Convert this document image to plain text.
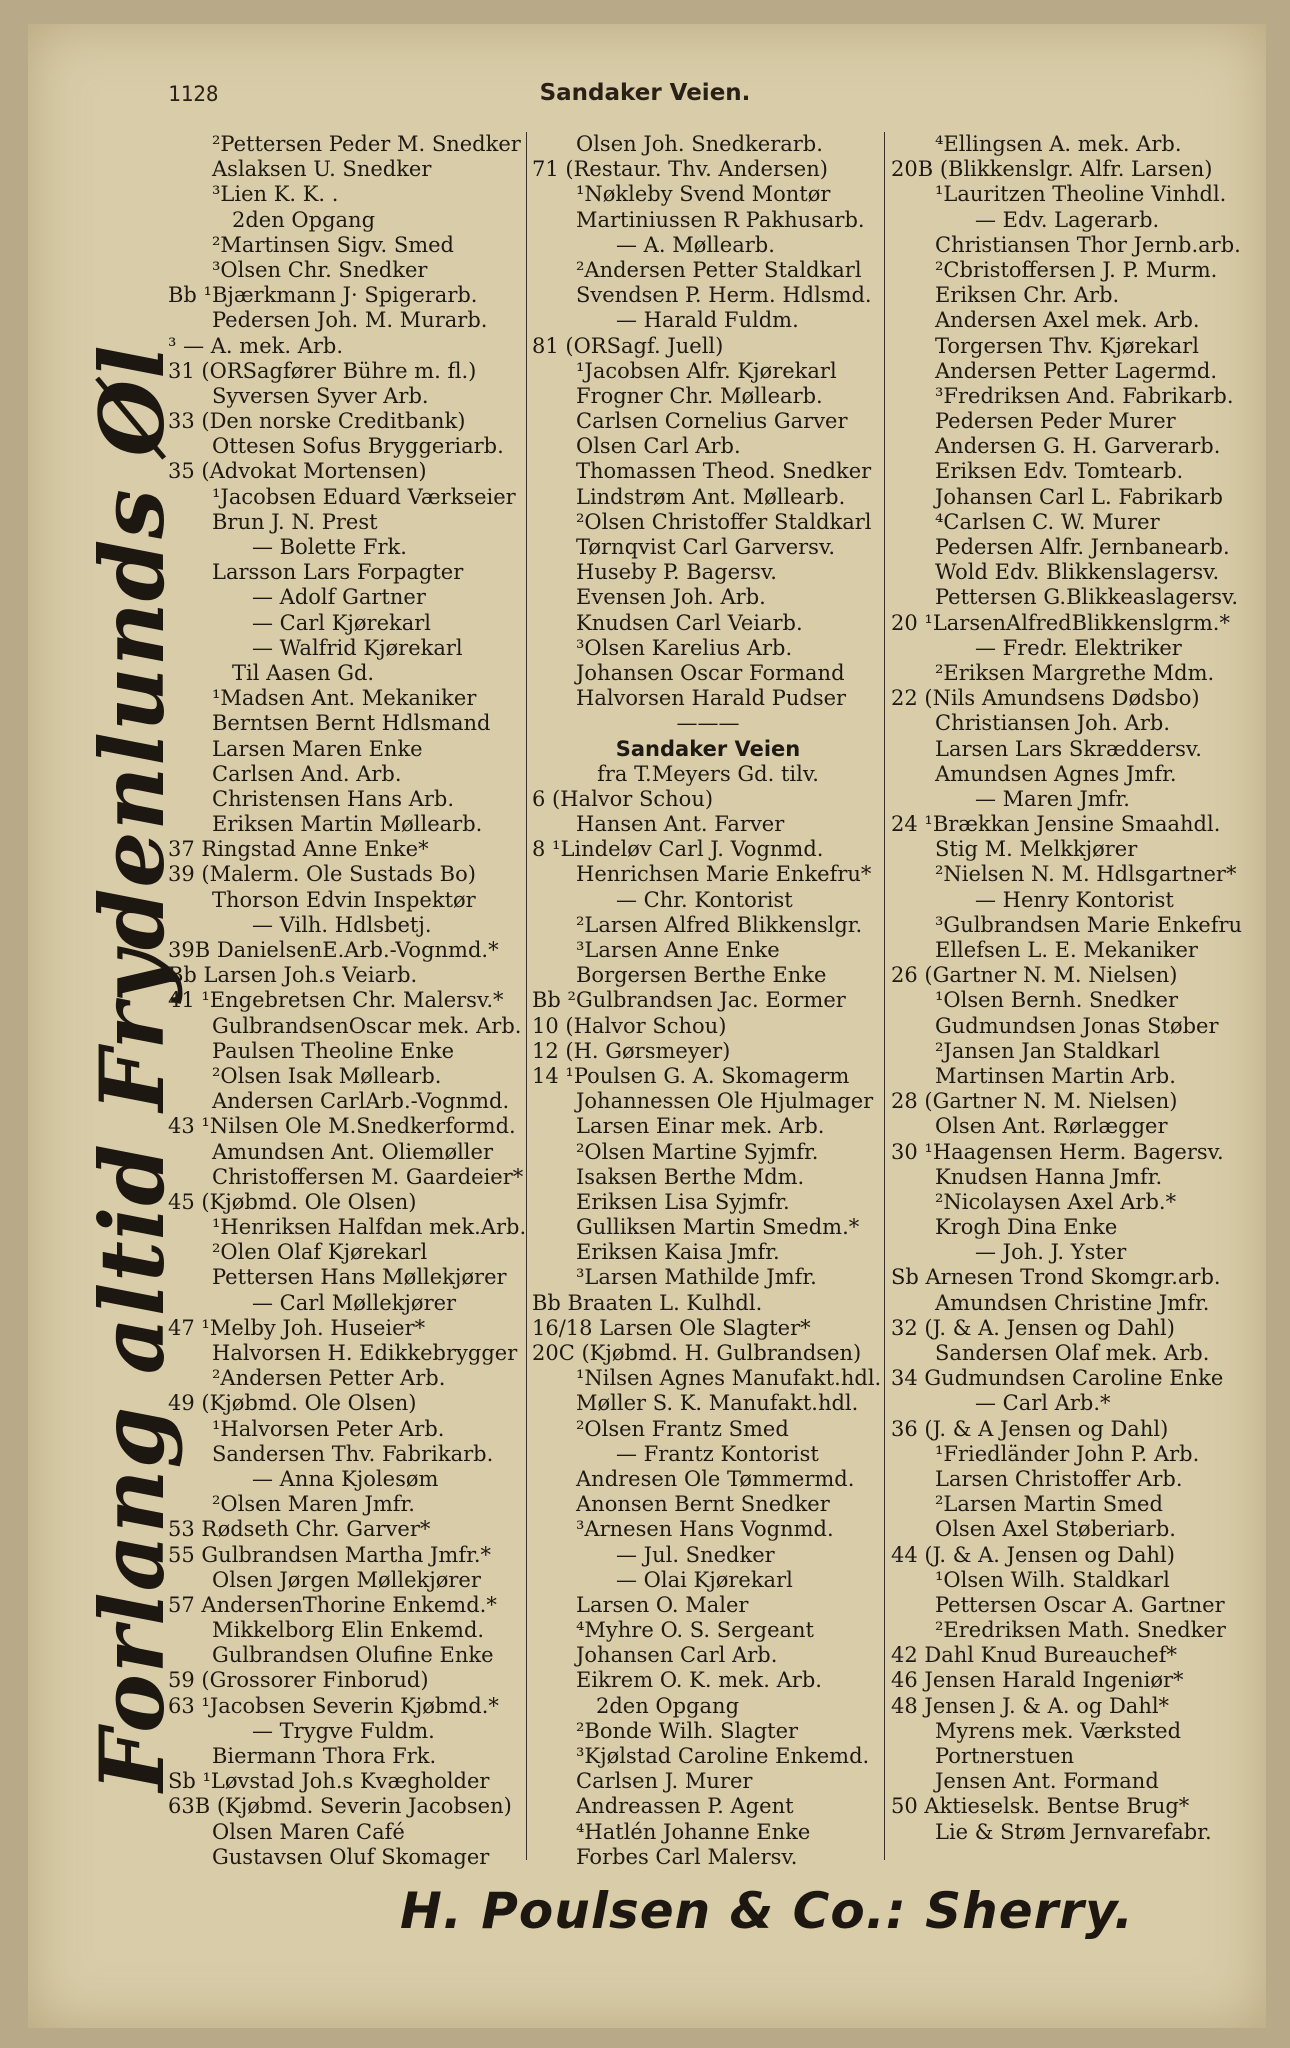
1128	Sandaker Veien.
Forlang altid Frydenlunds Øl
²Pettersen Peder M. Snedker
Aslaksen U. Snedker
³Lien K. K. .
2den Opgang
²Martinsen Sigv. Smed
³Olsen Chr. Snedker
Bb ¹Bjærkmann J· Spigerarb.
Pedersen Joh. M. Murarb.
³ — A. mek. Arb.
31 (ORSagfører Bühre m. fl.)
Syversen Syver Arb.
33 (Den norske Creditbank)
Ottesen Sofus Bryggeriarb.
35 (Advokat Mortensen)
¹Jacobsen Eduard Værkseier
Brun J. N. Prest
— Bolette Frk.
Larsson Lars Forpagter
— Adolf Gartner
— Carl Kjørekarl
— Walfrid Kjørekarl
Til Aasen Gd.
¹Madsen Ant. Mekaniker
Berntsen Bernt Hdlsmand
Larsen Maren Enke
Carlsen And. Arb.
Christensen Hans Arb.
Eriksen Martin Møllearb.
37 Ringstad Anne Enke*
39 (Malerm. Ole Sustads Bo)
Thorson Edvin Inspektør
— Vilh. Hdlsbetj.
39B DanielsenE.Arb.-Vognmd.*
Bb Larsen Joh.s Veiarb.
41 ¹Engebretsen Chr. Malersv.*
GulbrandsenOscar mek. Arb.
Paulsen Theoline Enke
²Olsen Isak Møllearb.
Andersen CarlArb.-Vognmd.
43 ¹Nilsen Ole M.Snedkerformd.
Amundsen Ant. Oliemøller
Christoffersen M. Gaardeier*
45 (Kjøbmd. Ole Olsen)
¹Henriksen Halfdan mek.Arb.
²Olen Olaf Kjørekarl
Pettersen Hans Møllekjører
— Carl Møllekjører
47 ¹Melby Joh. Huseier*
Halvorsen H. Edikkebrygger
²Andersen Petter Arb.
49 (Kjøbmd. Ole Olsen)
¹Halvorsen Peter Arb.
Sandersen Thv. Fabrikarb.
— Anna Kjolesøm
²Olsen Maren Jmfr.
53 Rødseth Chr. Garver*
55 Gulbrandsen Martha Jmfr.*
Olsen Jørgen Møllekjører
57 AndersenThorine Enkemd.*
Mikkelborg Elin Enkemd.
Gulbrandsen Olufine Enke
59 (Grossorer Finborud)
63 ¹Jacobsen Severin Kjøbmd.*
— Trygve Fuldm.
Biermann Thora Frk.
Sb ¹Løvstad Joh.s Kvægholder
63B (Kjøbmd. Severin Jacobsen)
Olsen Maren Café
Gustavsen Oluf Skomager
Olsen Joh. Snedkerarb.
71 (Restaur. Thv. Andersen)
¹Nøkleby Svend Montør
Martiniussen R Pakhusarb.
— A. Møllearb.
²Andersen Petter Staldkarl
Svendsen P. Herm. Hdlsmd.
— Harald Fuldm.
81 (ORSagf. Juell)
¹Jacobsen Alfr. Kjørekarl
Frogner Chr. Møllearb.
Carlsen Cornelius Garver
Olsen Carl Arb.
Thomassen Theod. Snedker
Lindstrøm Ant. Møllearb.
²Olsen Christoffer Staldkarl
Tørnqvist Carl Garversv.
Huseby P. Bagersv.
Evensen Joh. Arb.
Knudsen Carl Veiarb.
³Olsen Karelius Arb.
Johansen Oscar Formand
Halvorsen Harald Pudser
———
Sandaker Veien
fra T.Meyers Gd. tilv.
6 (Halvor Schou)
Hansen Ant. Farver
8 ¹Lindeløv Carl J. Vognmd.
Henrichsen Marie Enkefru*
— Chr. Kontorist
²Larsen Alfred Blikkenslgr.
³Larsen Anne Enke
Borgersen Berthe Enke
Bb ²Gulbrandsen Jac. Eormer
10 (Halvor Schou)
12 (H. Gørsmeyer)
14 ¹Poulsen G. A. Skomagerm
Johannessen Ole Hjulmager
Larsen Einar mek. Arb.
²Olsen Martine Syjmfr.
Isaksen Berthe Mdm.
Eriksen Lisa Syjmfr.
Gulliksen Martin Smedm.*
Eriksen Kaisa Jmfr.
³Larsen Mathilde Jmfr.
Bb Braaten L. Kulhdl.
16/18 Larsen Ole Slagter*
20C (Kjøbmd. H. Gulbrandsen)
¹Nilsen Agnes Manufakt.hdl.
Møller S. K. Manufakt.hdl.
²Olsen Frantz Smed
— Frantz Kontorist
Andresen Ole Tømmermd.
Anonsen Bernt Snedker
³Arnesen Hans Vognmd.
— Jul. Snedker
— Olai Kjørekarl
Larsen O. Maler
⁴Myhre O. S. Sergeant
Johansen Carl Arb.
Eikrem O. K. mek. Arb.
2den Opgang
²Bonde Wilh. Slagter
³Kjølstad Caroline Enkemd.
Carlsen J. Murer
Andreassen P. Agent
⁴Hatlén Johanne Enke
Forbes Carl Malersv.
⁴Ellingsen A. mek. Arb.
20B (Blikkenslgr. Alfr. Larsen)
¹Lauritzen Theoline Vinhdl.
— Edv. Lagerarb.
Christiansen Thor Jernb.arb.
²Cbristoffersen J. P. Murm.
Eriksen Chr. Arb.
Andersen Axel mek. Arb.
Torgersen Thv. Kjørekarl
Andersen Petter Lagermd.
³Fredriksen And. Fabrikarb.
Pedersen Peder Murer
Andersen G. H. Garverarb.
Eriksen Edv. Tomtearb.
Johansen Carl L. Fabrikarb
⁴Carlsen C. W. Murer
Pedersen Alfr. Jernbanearb.
Wold Edv. Blikkenslagersv.
Pettersen G.Blikkeaslagersv.
20 ¹LarsenAlfredBlikkenslgrm.*
— Fredr. Elektriker
²Eriksen Margrethe Mdm.
22 (Nils Amundsens Dødsbo)
Christiansen Joh. Arb.
Larsen Lars Skræddersv.
Amundsen Agnes Jmfr.
— Maren Jmfr.
24 ¹Brækkan Jensine Smaahdl.
Stig M. Melkkjører
²Nielsen N. M. Hdlsgartner*
— Henry Kontorist
³Gulbrandsen Marie Enkefru
Ellefsen L. E. Mekaniker
26 (Gartner N. M. Nielsen)
¹Olsen Bernh. Snedker
Gudmundsen Jonas Støber
²Jansen Jan Staldkarl
Martinsen Martin Arb.
28 (Gartner N. M. Nielsen)
Olsen Ant. Rørlægger
30 ¹Haagensen Herm. Bagersv.
Knudsen Hanna Jmfr.
²Nicolaysen Axel Arb.*
Krogh Dina Enke
— Joh. J. Yster
Sb Arnesen Trond Skomgr.arb.
Amundsen Christine Jmfr.
32 (J. & A. Jensen og Dahl)
Sandersen Olaf mek. Arb.
34 Gudmundsen Caroline Enke
— Carl Arb.*
36 (J. & A Jensen og Dahl)
¹Friedländer John P. Arb.
Larsen Christoffer Arb.
²Larsen Martin Smed
Olsen Axel Støberiarb.
44 (J. & A. Jensen og Dahl)
¹Olsen Wilh. Staldkarl
Pettersen Oscar A. Gartner
²Eredriksen Math. Snedker
42 Dahl Knud Bureauchef*
46 Jensen Harald Ingeniør*
48 Jensen J. & A. og Dahl*
Myrens mek. Værksted
Portnerstuen
Jensen Ant. Formand
50 Aktieselsk. Bentse Brug*
Lie & Strøm Jernvarefabr.
H. Poulsen & Co.: Sherry.
